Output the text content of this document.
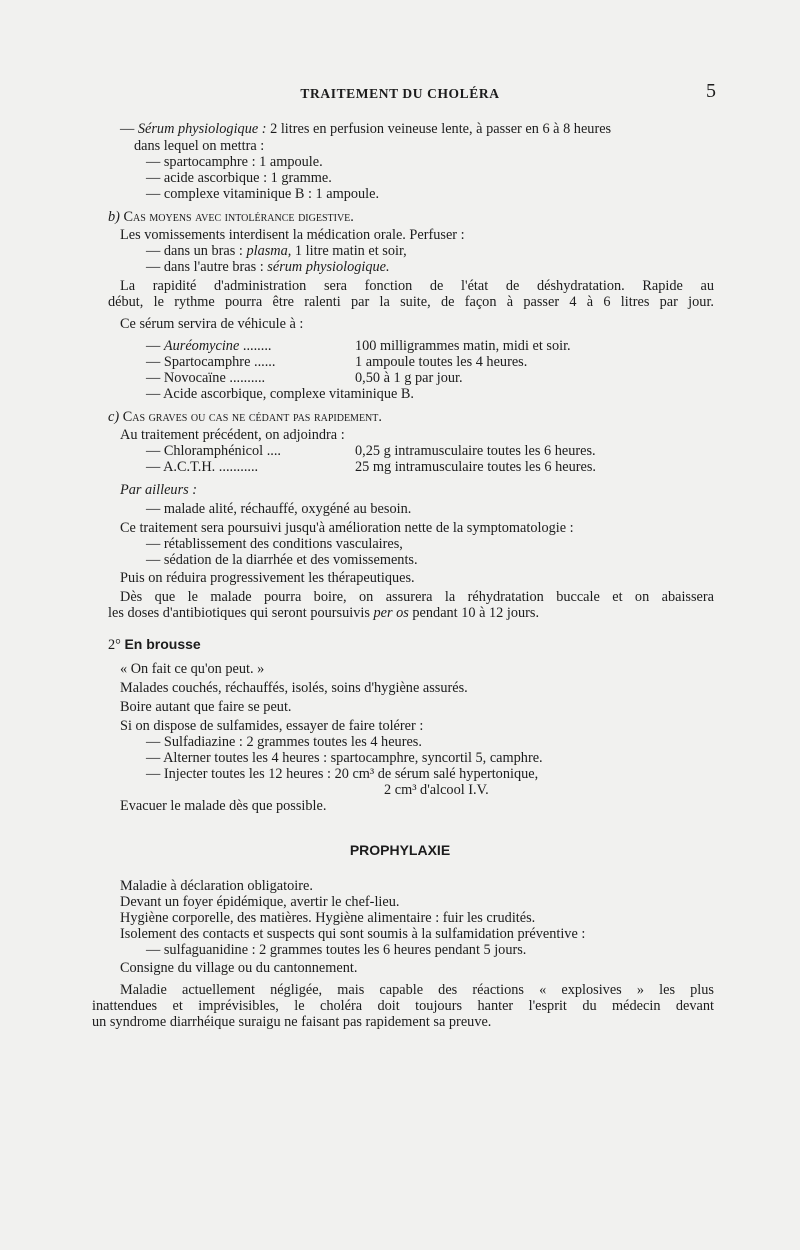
TRAITEMENT DU CHOLÉRA	5
— Sérum physiologique : 2 litres en perfusion veineuse lente, à passer en 6 à 8 heures
dans lequel on mettra :
— spartocamphre : 1 ampoule.
— acide ascorbique : 1 gramme.
— complexe vitaminique B : 1 ampoule.
b) Cas moyens avec intolérance digestive.
Les vomissements interdisent la médication orale. Perfuser :
— dans un bras : plasma, 1 litre matin et soir,
— dans l'autre bras : sérum physiologique.
La rapidité d'administration sera fonction de l'état de déshydratation. Rapide au
début, le rythme pourra être ralenti par la suite, de façon à passer 4 à 6 litres par jour.
Ce sérum servira de véhicule à :
— Auréomycine ........	100 milligrammes matin, midi et soir.
— Spartocamphre ......	1 ampoule toutes les 4 heures.
— Novocaïne ..........	0,50 à 1 g par jour.
— Acide ascorbique, complexe vitaminique B.
c) Cas graves ou cas ne cédant pas rapidement.
Au traitement précédent, on adjoindra :
— Chloramphénicol ....	0,25 g intramusculaire toutes les 6 heures.
— A.C.T.H. ...........	25 mg intramusculaire toutes les 6 heures.
Par ailleurs :
— malade alité, réchauffé, oxygéné au besoin.
Ce traitement sera poursuivi jusqu'à amélioration nette de la symptomatologie :
— rétablissement des conditions vasculaires,
— sédation de la diarrhée et des vomissements.
Puis on réduira progressivement les thérapeutiques.
Dès que le malade pourra boire, on assurera la réhydratation buccale et on abaissera
les doses d'antibiotiques qui seront poursuivis per os pendant 10 à 12 jours.
2° En brousse
« On fait ce qu'on peut. »
Malades couchés, réchauffés, isolés, soins d'hygiène assurés.
Boire autant que faire se peut.
Si on dispose de sulfamides, essayer de faire tolérer :
— Sulfadiazine : 2 grammes toutes les 4 heures.
— Alterner toutes les 4 heures : spartocamphre, syncortil 5, camphre.
— Injecter toutes les 12 heures : 20 cm³ de sérum salé hypertonique,
2 cm³ d'alcool I.V.
Evacuer le malade dès que possible.
PROPHYLAXIE
Maladie à déclaration obligatoire.
Devant un foyer épidémique, avertir le chef-lieu.
Hygiène corporelle, des matières. Hygiène alimentaire : fuir les crudités.
Isolement des contacts et suspects qui sont soumis à la sulfamidation préventive :
— sulfaguanidine : 2 grammes toutes les 6 heures pendant 5 jours.
Consigne du village ou du cantonnement.
Maladie actuellement négligée, mais capable des réactions « explosives » les plus
inattendues et imprévisibles, le choléra doit toujours hanter l'esprit du médecin devant
un syndrome diarrhéique suraigu ne faisant pas rapidement sa preuve.
